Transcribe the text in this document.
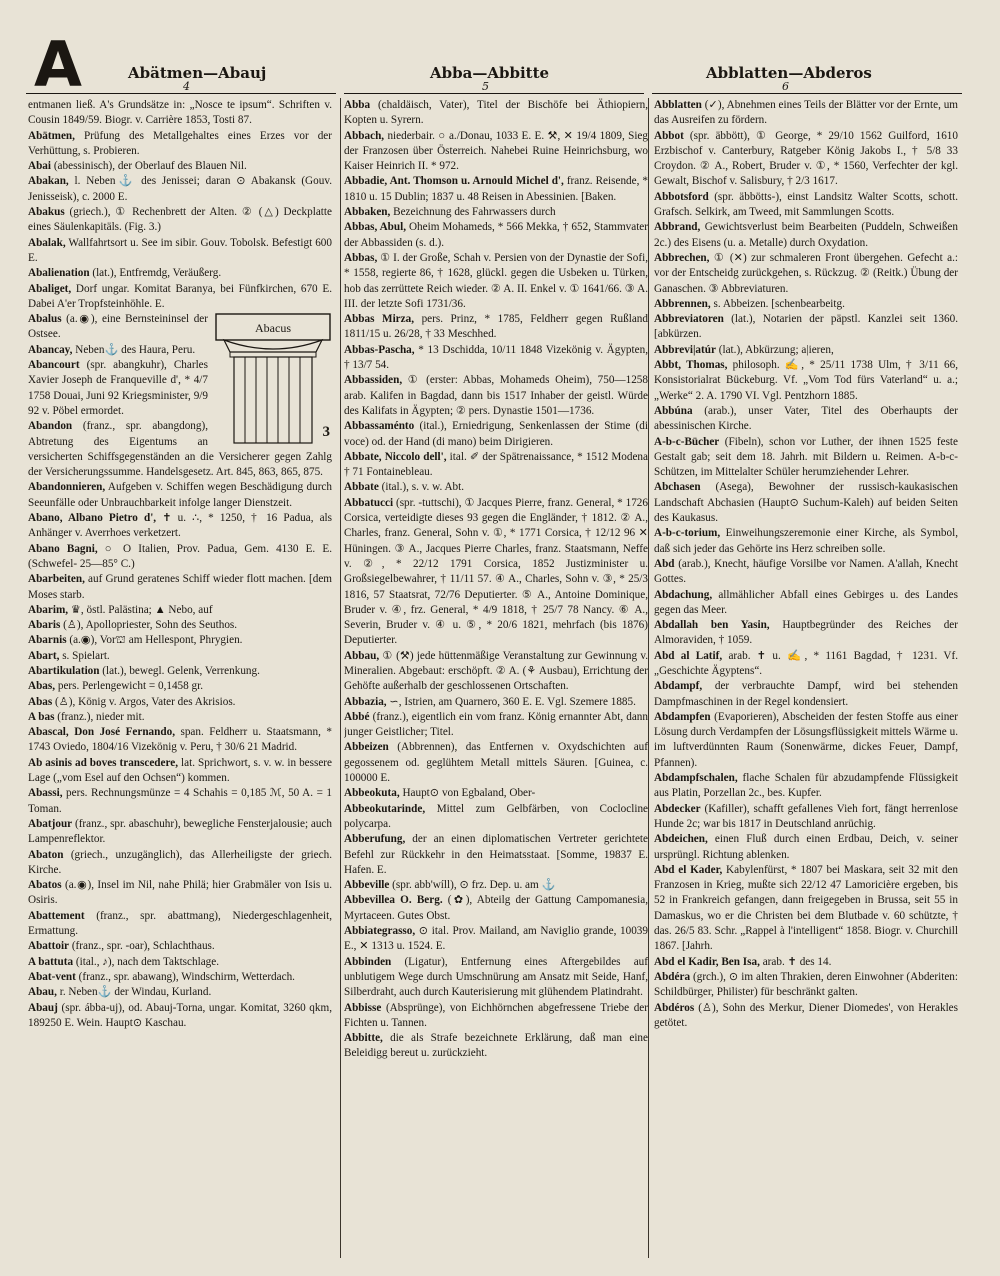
A	Abätmen—Abauj	Abba—Abbitte	Abblatten—Abderos
4	5	6

entmanen ließ. A's Grundsätze in: „Nosce te ipsum“. Schriften v. Cousin 1849/59. Biogr. v. Carrière 1853, Tosti 87.

Abätmen, Prüfung des Metallgehaltes eines Erzes vor der Verhüttung, s. Probieren.

Abai (abessinisch), der Oberlauf des Blauen Nil.

Abakan, l. Neben⚓ des Jenissei; daran ⊙ Abakansk (Gouv. Jenisseisk), c. 2000 E.

Abakus (griech.), ① Rechenbrett der Alten. ② (△) Deckplatte eines Säulenkapitäls. (Fig. 3.)

Abalak, Wallfahrtsort u. See im sibir. Gouv. Tobolsk. Befestigt 600 E.

Abalienation (lat.), Entfremdg, Veräußerg.

Abaliget, Dorf ungar. Komitat Baranya, bei Fünfkirchen, 670 E. Dabei A'er Tropfsteinhöhle. E.

Abacus
3

Abalus (a.◉), eine Bernsteininsel der Ostsee.

Abancay, Neben⚓ des Haura, Peru.

Abancourt (spr. abangkuhr), Charles Xavier Joseph de Franqueville d', * 4/7 1758 Douai, Juni 92 Kriegsminister, 9/9 92 v. Pöbel ermordet.

Abandon (franz., spr. abangdong), Abtretung des Eigentums an versicherten Schiffsgegenständen an die Versicherer gegen Zahlg der Versicherungssumme. Handelsgesetz. Art. 845, 863, 865, 875.

Abandonnieren, Aufgeben v. Schiffen wegen Beschädigung durch Seeunfälle oder Unbrauchbarkeit infolge langer Dienstzeit.

Abano, Albano Pietro d', ✝ u. ∴, * 1250, † 16 Padua, als Anhänger v. Averrhoes verketzert.

Abano Bagni, ○ O Italien, Prov. Padua, Gem. 4130 E. E. (Schwefel- 25—85° C.)

Abarbeiten, auf Grund geratenes Schiff wieder flott machen. [dem Moses starb.

Abarim, ♛, östl. Palästina; ▲ Nebo, auf

Abaris (♙), Apollopriester, Sohn des Seuthos.

Abarnis (a.◉), Vor⛫ am Hellespont, Phrygien.

Abart, s. Spielart.

Abartikulation (lat.), bewegl. Gelenk, Verrenkung.

Abas, pers. Perlengewicht = 0,1458 gr.

Abas (♙), König v. Argos, Vater des Akrisios.

A bas (franz.), nieder mit.

Abascal, Don José Fernando, span. Feldherr u. Staatsmann, * 1743 Oviedo, 1804/16 Vizekönig v. Peru, † 30/6 21 Madrid.

Ab asinis ad boves transcedere, lat. Sprichwort, s. v. w. in bessere Lage („vom Esel auf den Ochsen“) kommen.

Abassi, pers. Rechnungsmünze = 4 Schahis = 0,185 ℳ, 50 A. = 1 Toman.

Abatjour (franz., spr. abaschuhr), bewegliche Fensterjalousie; auch Lampenreflektor.

Abaton (griech., unzugänglich), das Allerheiligste der griech. Kirche.

Abatos (a.◉), Insel im Nil, nahe Philä; hier Grabmäler von Isis u. Osiris.

Abattement (franz., spr. abattmang), Niedergeschlagenheit, Ermattung.

Abattoir (franz., spr. -oar), Schlachthaus.

A battuta (ital., ♪), nach dem Taktschlage.

Abat-vent (franz., spr. abawang), Windschirm, Wetterdach.

Abau, r. Neben⚓ der Windau, Kurland.

Abauj (spr. ábba-uj), od. Abauj-Torna, ungar. Komitat, 3260 qkm, 189250 E. Wein. Haupt⊙ Kaschau.

Abba (chaldäisch, Vater), Titel der Bischöfe bei Äthiopiern, Kopten u. Syrern.

Abbach, niederbair. ○ a./Donau, 1033 E. E. ⚒, ✕ 19/4 1809, Sieg der Franzosen über Österreich. Nahebei Ruine Heinrichsburg, wo Kaiser Heinrich II. * 972.

Abbadie, Ant. Thomson u. Arnould Michel d', franz. Reisende, * 1810 u. 15 Dublin; 1837 u. 48 Reisen in Abessinien. [Baken.

Abbaken, Bezeichnung des Fahrwassers durch

Abbas, Abul, Oheim Mohameds, * 566 Mekka, † 652, Stammvater der Abbassiden (s. d.).

Abbas, ① I. der Große, Schah v. Persien von der Dynastie der Sofi, * 1558, regierte 86, † 1628, glückl. gegen die Usbeken u. Türken, hob das zerrüttete Reich wieder. ② A. II. Enkel v. ① 1641/66. ③ A. III. der letzte Sofi 1731/36.

Abbas Mirza, pers. Prinz, * 1785, Feldherr gegen Rußland 1811/15 u. 26/28, † 33 Meschhed.

Abbas-Pascha, * 13 Dschidda, 10/11 1848 Vizekönig v. Ägypten, † 13/7 54.

Abbassiden, ① (erster: Abbas, Mohameds Oheim), 750—1258 arab. Kalifen in Bagdad, dann bis 1517 Inhaber der geistl. Würde des Kalifats in Ägypten; ② pers. Dynastie 1501—1736.

Abbassaménto (ital.), Erniedrigung, Senkenlassen der Stime (di voce) od. der Hand (di mano) beim Dirigieren.

Abbate, Niccolo dell', ital. ✐ der Spätrenaissance, * 1512 Modena † 71 Fontainebleau.

Abbate (ital.), s. v. w. Abt.

Abbatucci (spr. -tuttschi), ① Jacques Pierre, franz. General, * 1726 Corsica, verteidigte dieses 93 gegen die Engländer, † 1812. ② A., Charles, franz. General, Sohn v. ①, * 1771 Corsica, † 12/12 96 ✕ Hüningen. ③ A., Jacques Pierre Charles, franz. Staatsmann, Neffe v. ②, * 22/12 1791 Corsica, 1852 Justizminister u. Großsiegelbewahrer, † 11/11 57. ④ A., Charles, Sohn v. ③, * 25/3 1816, 57 Staatsrat, 72/76 Deputierter. ⑤ A., Antoine Dominique, Bruder v. ④, frz. General, * 4/9 1818, † 25/7 78 Nancy. ⑥ A., Severin, Bruder v. ④ u. ⑤, * 20/6 1821, mehrfach (bis 1876) Deputierter.

Abbau, ① (⚒) jede hüttenmäßige Veranstaltung zur Gewinnung v. Mineralien. Abgebaut: erschöpft. ② A. (⚘ Ausbau), Errichtung der Gehöfte außerhalb der geschlossenen Ortschaften.

Abbazia, ∽, Istrien, am Quarnero, 360 E. E. Vgl. Szemere 1885.

Abbé (franz.), eigentlich ein vom franz. König ernannter Abt, dann junger Geistlicher; Titel.

Abbeizen (Abbrennen), das Entfernen v. Oxydschichten auf gegossenem od. geglühtem Metall mittels Säuren. [Guinea, c. 100000 E.

Abbeokuta, Haupt⊙ von Egbaland, Ober-

Abbeokutarinde, Mittel zum Gelbfärben, von Coclocline polycarpa.

Abberufung, der an einen diplomatischen Vertreter gerichtete Befehl zur Rückkehr in den Heimatsstaat. [Somme, 19837 E. Hafen. E.

Abbeville (spr. abb'wíll), ⊙ frz. Dep. u. am ⚓

Abbevillea O. Berg. (✿), Abteilg der Gattung Campomanesia, Myrtaceen. Gutes Obst.

Abbiategrasso, ⊙ ital. Prov. Mailand, am Naviglio grande, 10039 E., ✕ 1313 u. 1524. E.

Abbinden (Ligatur), Entfernung eines Aftergebildes auf unblutigem Wege durch Umschnürung am Ansatz mit Seide, Hanf, Silberdraht, auch durch Kauterisierung mit glühendem Platindraht.

Abbisse (Absprünge), von Eichhörnchen abgefressene Triebe der Fichten u. Tannen.

Abbitte, die als Strafe bezeichnete Erklärung, daß man eine Beleidigg bereut u. zurückzieht.

Abblatten (✓), Abnehmen eines Teils der Blätter vor der Ernte, um das Ausreifen zu fördern.

Abbot (spr. äbbött), ① George, * 29/10 1562 Guilford, 1610 Erzbischof v. Canterbury, Ratgeber König Jakobs I., † 5/8 33 Croydon. ② A., Robert, Bruder v. ①, * 1560, Verfechter der kgl. Gewalt, Bischof v. Salisbury, † 2/3 1617.

Abbotsford (spr. äbbötts-), einst Landsitz Walter Scotts, schott. Grafsch. Selkirk, am Tweed, mit Sammlungen Scotts.

Abbrand, Gewichtsverlust beim Bearbeiten (Puddeln, Schweißen 2c.) des Eisens (u. a. Metalle) durch Oxydation.

Abbrechen, ① (✕) zur schmaleren Front übergehen. Gefecht a.: vor der Entscheidg zurückgehen, s. Rückzug. ② (Reitk.) Übung der Ganaschen. ③ Abbreviaturen.

Abbrennen, s. Abbeizen. [schenbearbeitg.

Abbreviatoren (lat.), Notarien der päpstl. Kanzlei seit 1360. [abkürzen.

Abbrevi|atúr (lat.), Abkürzung; a|ieren,

Abbt, Thomas, philosoph. ✍, * 25/11 1738 Ulm, † 3/11 66, Konsistorialrat Bückeburg. Vf. „Vom Tod fürs Vaterland“ u. a.; „Werke“ 2. A. 1790 VI. Vgl. Pentzhorn 1885.

Abbúna (arab.), unser Vater, Titel des Oberhaupts der abessinischen Kirche.

A-b-c-Bücher (Fibeln), schon vor Luther, der ihnen 1525 feste Gestalt gab; seit dem 18. Jahrh. mit Bildern u. Reimen. A-b-c-Schützen, im Mittelalter Schüler herumziehender Lehrer.

Abchasen (Asega), Bewohner der russisch-kaukasischen Landschaft Abchasien (Haupt⊙ Suchum-Kaleh) auf beiden Seiten des Kaukasus.

A-b-c-torium, Einweihungszeremonie einer Kirche, als Symbol, daß sich jeder das Gehörte ins Herz schreiben solle.

Abd (arab.), Knecht, häufige Vorsilbe vor Namen. A'allah, Knecht Gottes.

Abdachung, allmählicher Abfall eines Gebirges u. des Landes gegen das Meer.

Abdallah ben Yasin, Hauptbegründer des Reiches der Almoraviden, † 1059.

Abd al Latif, arab. ✝ u. ✍, * 1161 Bagdad, † 1231. Vf. „Geschichte Ägyptens“.

Abdampf, der verbrauchte Dampf, wird bei stehenden Dampfmaschinen in der Regel kondensiert.

Abdampfen (Evaporieren), Abscheiden der festen Stoffe aus einer Lösung durch Verdampfen der Lösungsflüssigkeit mittels Wärme u. im luftverdünnten Raum (Sonenwärme, dickes Feuer, Dampf, Pfannen).

Abdampfschalen, flache Schalen für abzudampfende Flüssigkeit aus Platin, Porzellan 2c., bes. Kupfer.

Abdecker (Kafiller), schafft gefallenes Vieh fort, fängt herrenlose Hunde 2c; war bis 1817 in Deutschland anrüchig.

Abdeichen, einen Fluß durch einen Erdbau, Deich, v. seiner ursprüngl. Richtung ablenken.

Abd el Kader, Kabylenfürst, * 1807 bei Maskara, seit 32 mit den Franzosen in Krieg, mußte sich 22/12 47 Lamoricière ergeben, bis 52 in Frankreich gefangen, dann freigegeben in Brussa, seit 55 in Damaskus, wo er die Christen bei dem Blutbade v. 60 schützte, † das. 26/5 83. Schr. „Rappel à l'intelligent“ 1858. Biogr. v. Churchill 1867. [Jahrh.

Abd el Kadir, Ben Isa, arab. ✝ des 14.

Abdéra (grch.), ⊙ im alten Thrakien, deren Einwohner (Abderiten: Schildbürger, Philister) für beschränkt galten.

Abdéros (♙), Sohn des Merkur, Diener Diomedes', von Herakles getötet.
